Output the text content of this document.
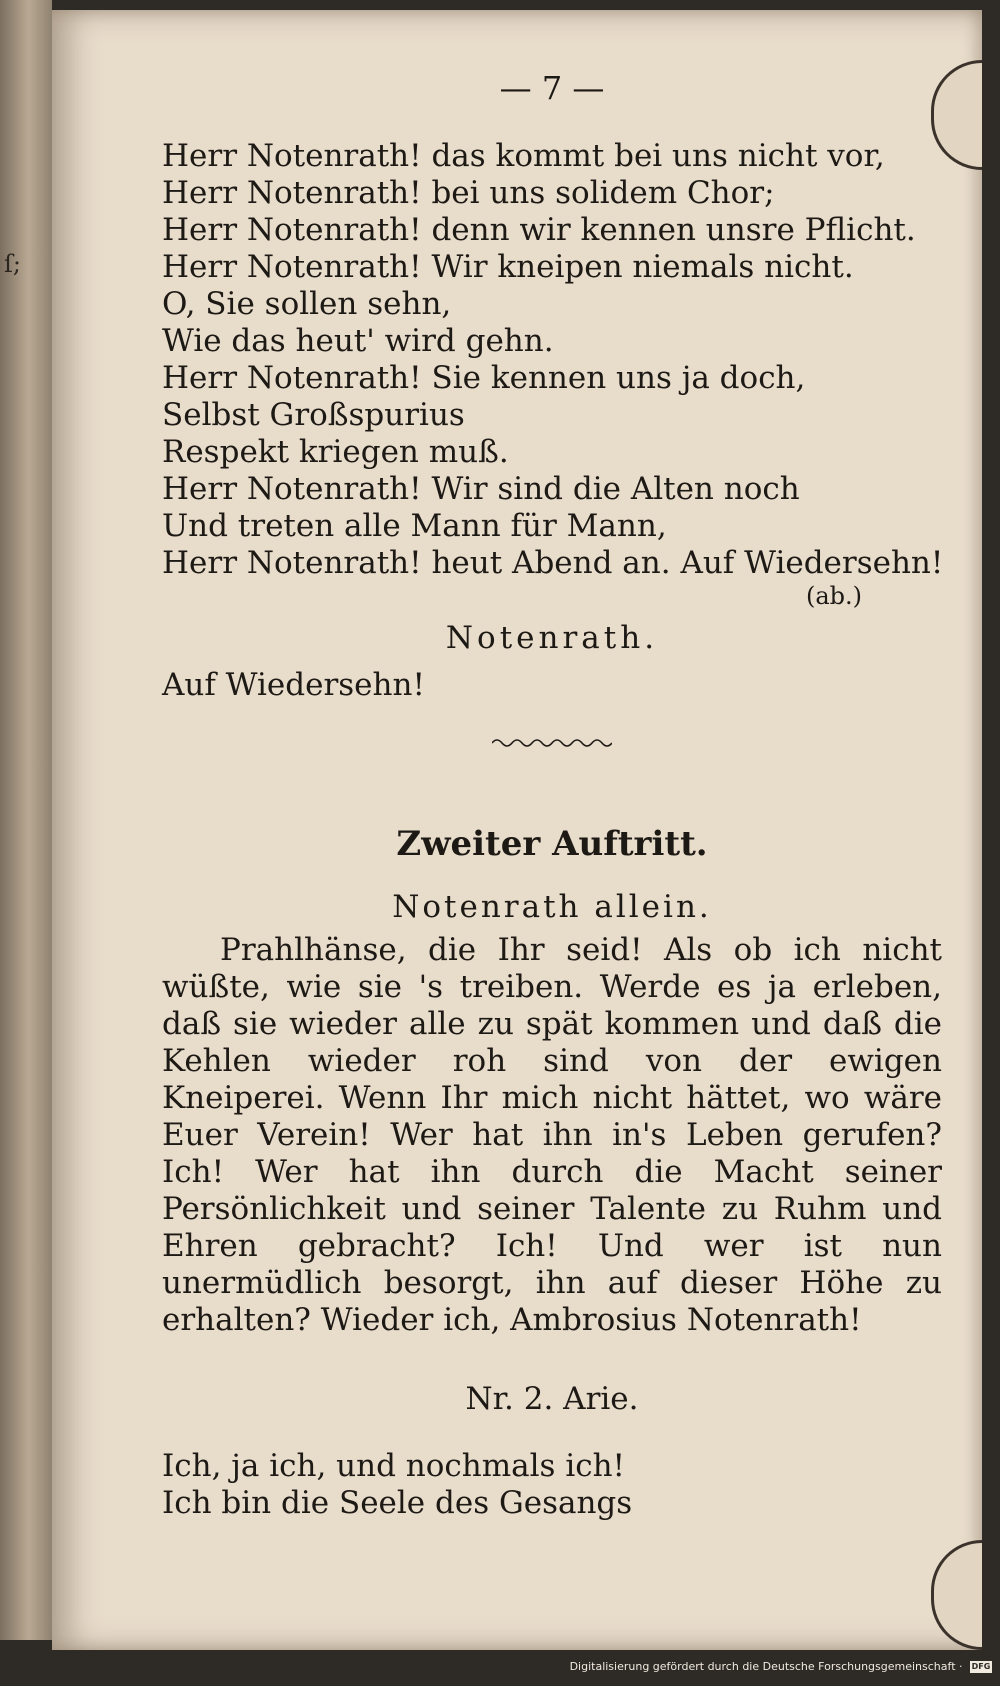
ſ;
— 7 —
Herr Notenrath! das kommt bei uns nicht vor,
Herr Notenrath! bei uns solidem Chor;
Herr Notenrath! denn wir kennen unsre Pflicht.
Herr Notenrath! Wir kneipen niemals nicht.
O, Sie sollen sehn,
Wie das heut' wird gehn.
Herr Notenrath! Sie kennen uns ja doch,
Selbst Großspurius
Respekt kriegen muß.
Herr Notenrath! Wir sind die Alten noch
Und treten alle Mann für Mann,
Herr Notenrath! heut Abend an. Auf Wiedersehn!
(ab.)
Notenrath.
Auf Wiedersehn!
Zweiter Auftritt.
Notenrath allein.
Prahlhänse, die Ihr seid! Als ob ich nicht wüßte, wie sie 's treiben. Werde es ja erleben, daß sie wieder alle zu spät kommen und daß die Kehlen wieder roh sind von der ewigen Kneiperei. Wenn Ihr mich nicht hättet, wo wäre Euer Verein! Wer hat ihn in's Leben gerufen? Ich! Wer hat ihn durch die Macht seiner Persönlichkeit und seiner Talente zu Ruhm und Ehren gebracht? Ich! Und wer ist nun unermüdlich besorgt, ihn auf dieser Höhe zu erhalten? Wieder ich, Ambrosius Notenrath!
Nr. 2. Arie.
Ich, ja ich, und nochmals ich!
Ich bin die Seele des Gesangs
Digitalisierung gefördert durch die Deutsche Forschungsgemeinschaft · DFG
